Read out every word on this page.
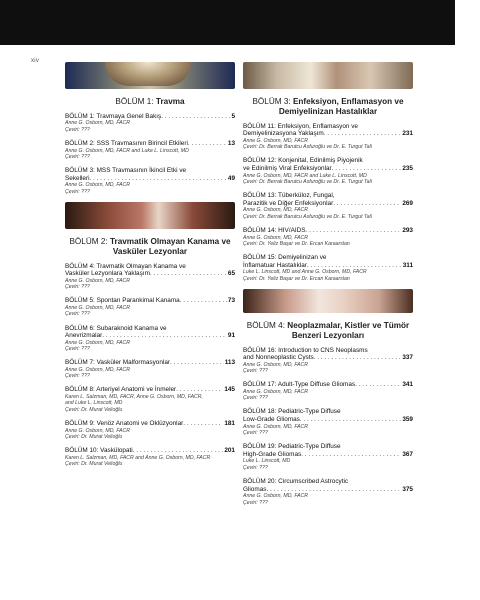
xiv
BÖLÜM 1: Travma
BÖLÜM 1: Travmaya Genel Bakış . . .	5
Anne G. Osborn, MD, FACR
Çeviri: ???
BÖLÜM 2: SSS Travmasının Birincil Etkileri . . .	13
Anne G. Osborn, MD, FACR and Luke L. Linscott, MD
Çeviri: ???
BÖLÜM 3: MSS Travmasının İkincil Etki ve
Sekelleri . . .	49
Anne G. Osborn, MD, FACR
Çeviri: ???
BÖLÜM 2: Travmatik Olmayan Kanama ve Vasküler Lezyonlar
BÖLÜM 4: Travmatik Olmayan Kanama ve
Vasküler Lezyonlara Yaklaşım . . .	65
Anne G. Osborn, MD, FACR
Çeviri: ???
BÖLÜM 5: Spontan Parankimal Kanama . . .	73
Anne G. Osborn, MD, FACR
Çeviri: ???
BÖLÜM 6: Subaraknoid Kanama ve
Anevrizmalar . . .	91
Anne G. Osborn, MD, FACR
Çeviri: ???
BÖLÜM 7: Vasküler Malformasyonlar . . .	113
Anne G. Osborn, MD, FACR
Çeviri: ???
BÖLÜM 8: Arteriyel Anatomi ve İnmeler . . .	145
Karen L. Salzman, MD, FACR, Anne G. Osborn, MD, FACR,
and Luke L. Linscott, MD
Çeviri: Dr. Murat Velioğlu
BÖLÜM 9: Venöz Anatomi ve Oklüzyonlar . . .	181
Anne G. Osborn, MD, FACR
Çeviri: Dr. Murat Velioğlu
BÖLÜM 10: Vaskülopati . . .	201
Karen L. Salzman, MD, FACR and Anne G. Osborn, MD, FACR
Çeviri: Dr. Murat Velioğlu
BÖLÜM 3: Enfeksiyon, Enflamasyon ve Demiyelinizan Hastalıklar
BÖLÜM 11: Enfeksiyon, Enflamasyon ve
Demiyelinizasyona Yaklaşım . . .	231
Anne G. Osborn, MD, FACR
Çeviri: Dr. Berrak Barutcu Asfuroğlu ve Dr. E. Turgut Tali
BÖLÜM 12: Konjenital, Edinilmiş Piyojenik
ve Edinilmiş Viral Enfeksiyonlar . . .	235
Anne G. Osborn, MD, FACR and Luke L. Linscott, MD
Çeviri: Dr. Berrak Barutcu Asfuroğlu ve Dr. E. Turgut Tali
BÖLÜM 13: Tüberküloz, Fungal,
Parazitik ve Diğer Enfeksiyonlar . . .	269
Anne G. Osborn, MD, FACR
Çeviri: Dr. Berrak Barutcu Asfuroğlu ve Dr. E. Turgut Tali
BÖLÜM 14: HIV/AIDS . . .	293
Anne G. Osborn, MD, FACR
Çeviri: Dr. Yeliz Başar ve Dr. Ercan Karaarslan
BÖLÜM 15: Demiyelinizan ve
İnflamatuar Hastalıklar . . .	311
Luke L. Linscott, MD and Anne G. Osborn, MD, FACR
Çeviri: Dr. Yeliz Başar ve Dr. Ercan Karaarslan
BÖLÜM 4: Neoplazmalar, Kistler ve Tümör Benzeri Lezyonları
BÖLÜM 16: Introduction to CNS Neoplasms
and Nonneoplastic Cysts . . .	337
Anne G. Osborn, MD, FACR
Çeviri: ???
BÖLÜM 17: Adult-Type Diffuse Gliomas . . .	341
Anne G. Osborn, MD, FACR
Çeviri: ???
BÖLÜM 18: Pediatric-Type Diffuse
Low-Grade Gliomas . . .	359
Anne G. Osborn, MD, FACR
Çeviri: ???
BÖLÜM 19: Pediatric-Type Diffuse
High-Grade Gliomas . . .	367
Luke L. Linscott, MD
Çeviri: ???
BÖLÜM 20: Circumscribed Astrocytic
Gliomas . . .	375
Anne G. Osborn, MD, FACR
Çeviri: ???
